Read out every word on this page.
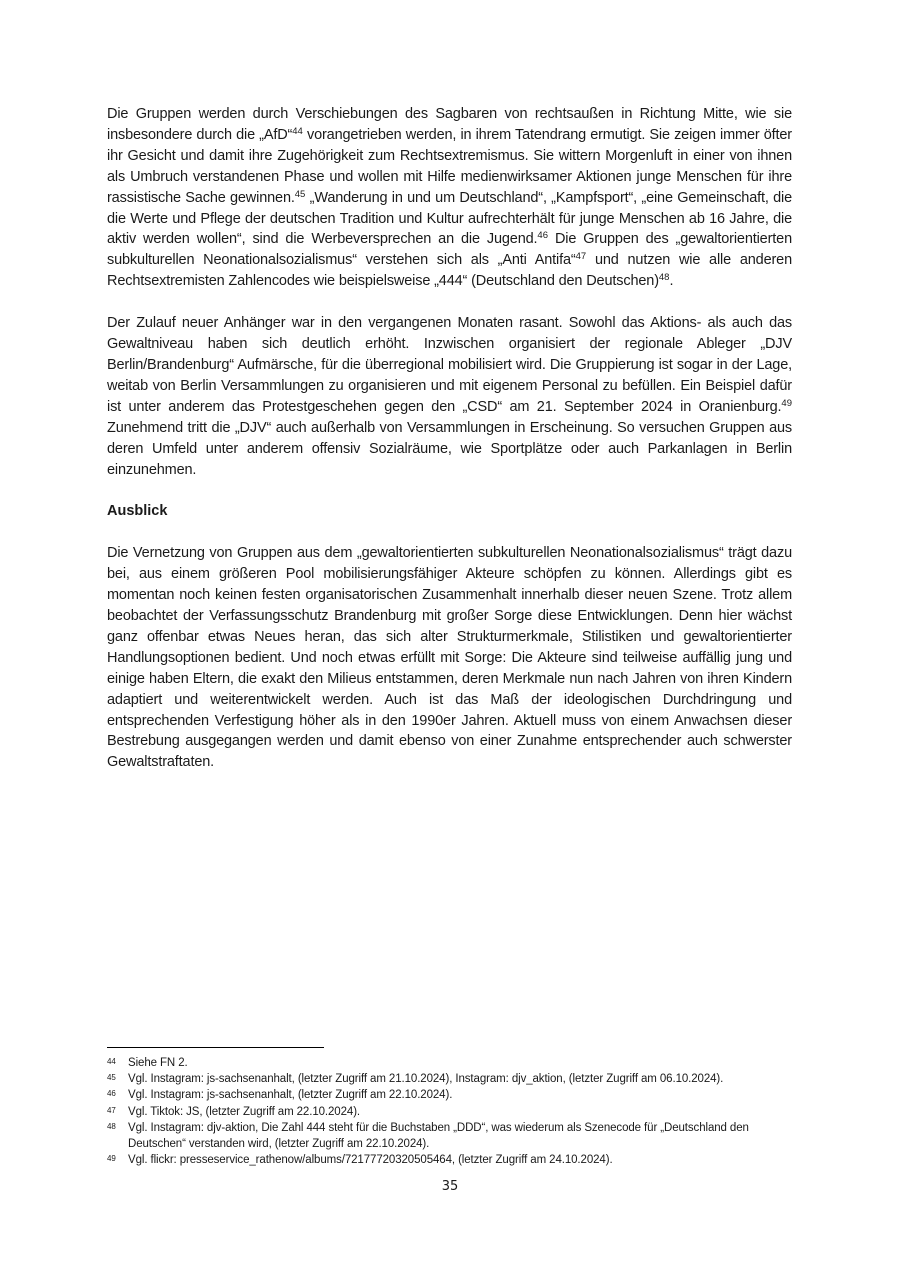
Die Gruppen werden durch Verschiebungen des Sagbaren von rechtsaußen in Richtung Mitte, wie sie insbesondere durch die „AfD“$^{44}$ vorangetrieben werden, in ihrem Tatendrang ermutigt. Sie zeigen immer öfter ihr Gesicht und damit ihre Zugehörigkeit zum Rechtsextremismus. Sie wittern Morgenluft in einer von ihnen als Umbruch verstandenen Phase und wollen mit Hilfe medienwirksamer Aktionen junge Menschen für ihre rassistische Sache gewinnen.$^{45}$ „Wanderung in und um Deutschland“, „Kampfsport“, „eine Gemeinschaft, die die Werte und Pflege der deutschen Tradition und Kultur aufrechterhält für junge Menschen ab 16 Jahre, die aktiv werden wollen“, sind die Werbeversprechen an die Jugend.$^{46}$ Die Gruppen des „gewaltorientierten subkulturellen Neonationalsozialismus“ verstehen sich als „Anti Antifa“$^{47}$ und nutzen wie alle anderen Rechtsextremisten Zahlencodes wie beispielsweise „444“ (Deutschland den Deutschen)$^{48}$.

Der Zulauf neuer Anhänger war in den vergangenen Monaten rasant. Sowohl das Aktions- als auch das Gewaltniveau haben sich deutlich erhöht. Inzwischen organisiert der regionale Ableger „DJV Berlin/Brandenburg“ Aufmärsche, für die überregional mobilisiert wird. Die Gruppierung ist sogar in der Lage, weitab von Berlin Versammlungen zu organisieren und mit eigenem Personal zu befüllen. Ein Beispiel dafür ist unter anderem das Protestgeschehen gegen den „CSD“ am 21. September 2024 in Oranienburg.$^{49}$ Zunehmend tritt die „DJV“ auch außerhalb von Versammlungen in Erscheinung. So versuchen Gruppen aus deren Umfeld unter anderem offensiv Sozialräume, wie Sportplätze oder auch Parkanlagen in Berlin einzunehmen.

Ausblick

Die Vernetzung von Gruppen aus dem „gewaltorientierten subkulturellen Neonationalsozialismus“ trägt dazu bei, aus einem größeren Pool mobilisierungsfähiger Akteure schöpfen zu können. Allerdings gibt es momentan noch keinen festen organisatorischen Zusammenhalt innerhalb dieser neuen Szene. Trotz allem beobachtet der Verfassungsschutz Brandenburg mit großer Sorge diese Entwicklungen. Denn hier wächst ganz offenbar etwas Neues heran, das sich alter Strukturmerkmale, Stilistiken und gewaltorientierter Handlungsoptionen bedient. Und noch etwas erfüllt mit Sorge: Die Akteure sind teilweise auffällig jung und einige haben Eltern, die exakt den Milieus entstammen, deren Merkmale nun nach Jahren von ihren Kindern adaptiert und weiterentwickelt werden. Auch ist das Maß der ideologischen Durchdringung und entsprechenden Verfestigung höher als in den 1990er Jahren. Aktuell muss von einem Anwachsen dieser Bestrebung ausgegangen werden und damit ebenso von einer Zunahme entsprechender auch schwerster Gewaltstraftaten.

44 Siehe FN 2.
45 Vgl. Instagram: js-sachsenanhalt, (letzter Zugriff am 21.10.2024), Instagram: djv_aktion, (letzter Zugriff am 06.10.2024).
46 Vgl. Instagram: js-sachsenanhalt, (letzter Zugriff am 22.10.2024).
47 Vgl. Tiktok: JS, (letzter Zugriff am 22.10.2024).
48 Vgl. Instagram: djv-aktion, Die Zahl 444 steht für die Buchstaben „DDD“, was wiederum als Szenecode für „Deutschland den Deutschen“ verstanden wird, (letzter Zugriff am 22.10.2024).
49 Vgl. flickr: presseservice_rathenow/albums/72177720320505464, (letzter Zugriff am 24.10.2024).
35
